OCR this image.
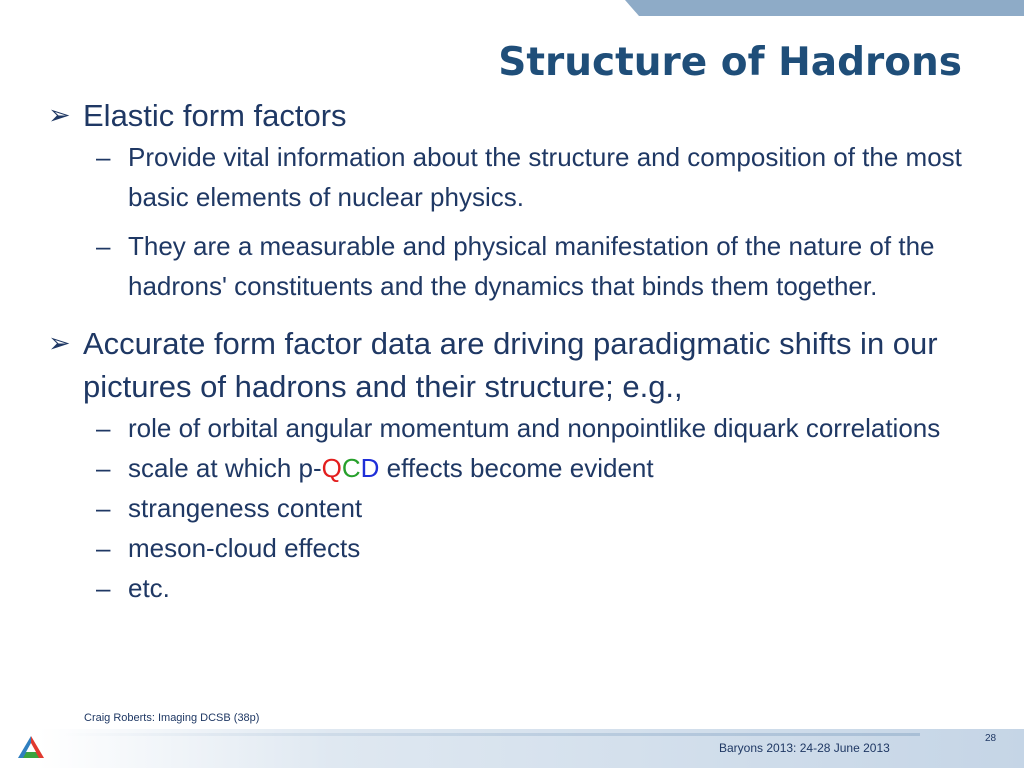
Structure of Hadrons
➢ Elastic form factors
– Provide vital information about the structure and composition of the most basic elements of nuclear physics.
– They are a measurable and physical manifestation of the nature of the hadrons' constituents and the dynamics that binds them together.
➢ Accurate form factor data are driving paradigmatic shifts in our pictures of hadrons and their structure; e.g.,
– role of orbital angular momentum and nonpointlike diquark correlations
– scale at which p-QCD effects become evident
– strangeness content
– meson-cloud effects
– etc.
Craig Roberts: Imaging DCSB (38p)
28
Baryons 2013: 24-28 June 2013
